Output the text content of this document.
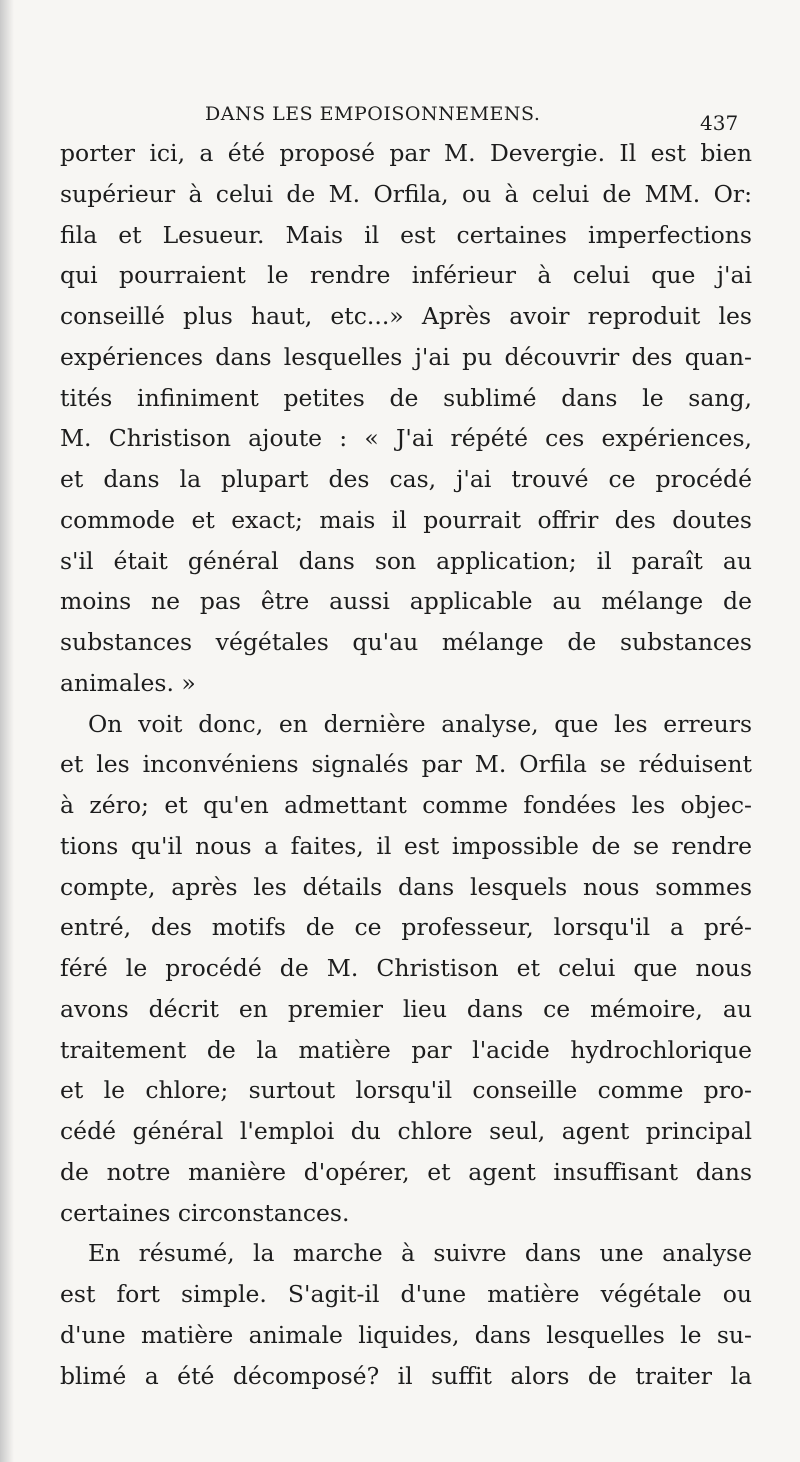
DANS LES EMPOISONNEMENS.	437
porter ici, a été proposé par M. Devergie. Il est bien
supérieur à celui de M. Orfila, ou à celui de MM. Or:
fila et Lesueur. Mais il est certaines imperfections
qui pourraient le rendre inférieur à celui que j'ai
conseillé plus haut, etc...» Après avoir reproduit les
expériences dans lesquelles j'ai pu découvrir des quan-
tités infiniment petites de sublimé dans le sang,
M. Christison ajoute : « J'ai répété ces expériences,
et dans la plupart des cas, j'ai trouvé ce procédé
commode et exact; mais il pourrait offrir des doutes
s'il était général dans son application; il paraît au
moins ne pas être aussi applicable au mélange de
substances végétales qu'au mélange de substances
animales. »
On voit donc, en dernière analyse, que les erreurs
et les inconvéniens signalés par M. Orfila se réduisent
à zéro; et qu'en admettant comme fondées les objec-
tions qu'il nous a faites, il est impossible de se rendre
compte, après les détails dans lesquels nous sommes
entré, des motifs de ce professeur, lorsqu'il a pré-
féré le procédé de M. Christison et celui que nous
avons décrit en premier lieu dans ce mémoire, au
traitement de la matière par l'acide hydrochlorique
et le chlore; surtout lorsqu'il conseille comme pro-
cédé général l'emploi du chlore seul, agent principal
de notre manière d'opérer, et agent insuffisant dans
certaines circonstances.
En résumé, la marche à suivre dans une analyse
est fort simple. S'agit-il d'une matière végétale ou
d'une matière animale liquides, dans lesquelles le su-
blimé a été décomposé? il suffit alors de traiter la
